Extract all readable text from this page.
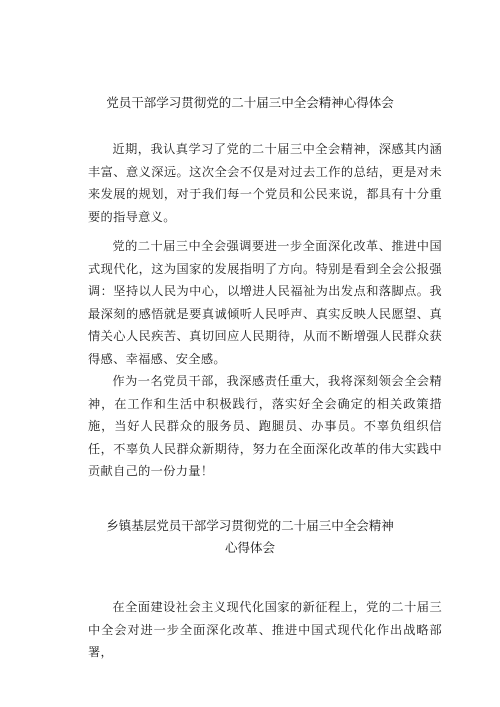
党员干部学习贯彻党的二十届三中全会精神心得体会

近期，我认真学习了党的二十届三中全会精神，深感其内涵丰富、意义深远。这次全会不仅是对过去工作的总结，更是对未来发展的规划，对于我们每一个党员和公民来说，都具有十分重要的指导意义。

党的二十届三中全会强调要进一步全面深化改革、推进中国式现代化，这为国家的发展指明了方向。特别是看到全会公报强调：坚持以人民为中心，以增进人民福祉为出发点和落脚点。我最深刻的感悟就是要真诚倾听人民呼声、真实反映人民愿望、真情关心人民疾苦、真切回应人民期待，从而不断增强人民群众获得感、幸福感、安全感。

作为一名党员干部，我深感责任重大，我将深刻领会全会精神，在工作和生活中积极践行，落实好全会确定的相关政策措施，当好人民群众的服务员、跑腿员、办事员。不辜负组织信任，不辜负人民群众新期待，努力在全面深化改革的伟大实践中贡献自己的一份力量！

乡镇基层党员干部学习贯彻党的二十届三中全会精神
心得体会

在全面建设社会主义现代化国家的新征程上，党的二十届三中全会对进一步全面深化改革、推进中国式现代化作出战略部署，
